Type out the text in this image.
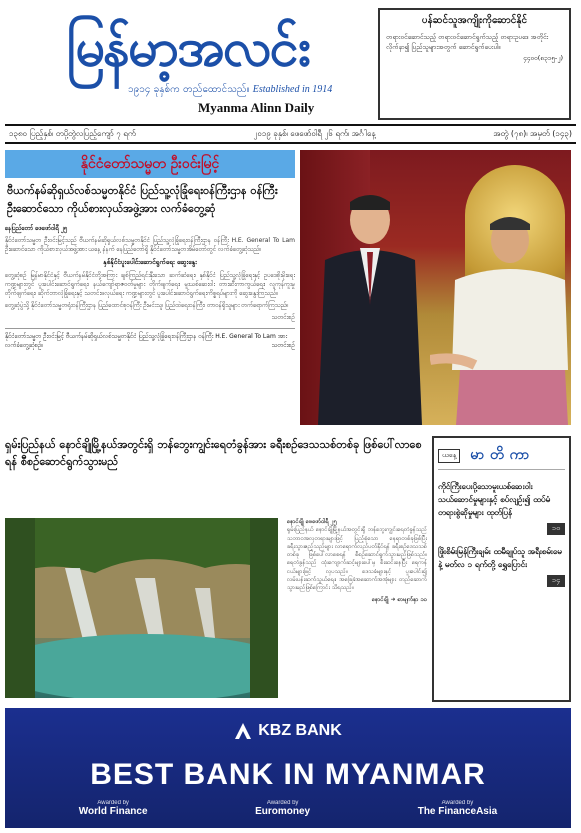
မြန်မာ့အလင်း
၁၉၁၄ ခုနှစ်က တည်ထောင်သည်။ Established in 1914
Myanma Alinn Daily
ပန်ဆင်သူအကျိုးကိုဆောင်နိုင်
တရားဝင်ဆောင်သည့် တရားဝင်ဆောင်ရွက်သည့် တရားဥပဒေ အတိုင်းလိုက်နာ၍ ပြည်သူများအတွက် ဆောင်ရွက်ပေးပါ။
၄၄ဝ၀(၈၃၁၅-၂)
၁၃၈၀ ပြည့်နှစ်၊ တပို့တွဲလပြည့်ကျော် ၇ ရက်	၂၀၁၉ ခုနှစ်၊ ဖေဖော်ဝါရီ ၂၆ ရက်၊ အင်္ဂါနေ့	အတွဲ (၇၈)၊ အမှတ် (၁၄၃)
နိုင်ငံတော်သမ္မတ ဦးဝင်းမြင့်
ဗီယက်နမ်ဆိုရှယ်လစ်သမ္မတနိုင်ငံ ပြည်သူ့လုံခြုံရေးဝန်ကြီးဌာန ဝန်ကြီး ဦးဆောင်သော ကိုယ်စားလှယ်အဖွဲ့အား လက်ခံတွေ့ဆုံ
နေပြည်တော် ဖေဖော်ဝါရီ ၂၅
နိုင်ငံတော်သမ္မတ ဦးဝင်းမြင့်သည် ဗီယက်နမ်ဆိုရှယ်လစ်သမ္မတနိုင်ငံ ပြည်သူ့လုံခြုံရေးဝန်ကြီးဌာန ဝန်ကြီး H.E. General To Lam ဦးဆောင်သော ကိုယ်စားလှယ်အဖွဲ့အား ယနေ့ နံနက် နေပြည်တော်ရှိ နိုင်ငံတော်သမ္မတအိမ်တော်တွင် လက်ခံတွေ့ဆုံသည်။
နှစ်နိုင်ငံပူးပေါင်းဆောင်ရွက်ရေး ဆွေးနွေး
တွေ့ဆုံစဉ် မြန်မာနိုင်ငံနှင့် ဗီယက်နမ်နိုင်ငံတို့အကြား ချစ်ကြည်ရင်းနှီးသော ဆက်ဆံရေး၊ နှစ်နိုင်ငံ ပြည်သူ့လုံခြုံရေးနှင့် ဥပဒေစိုးမိုးရေး ကဏ္ဍများတွင် ပူးပေါင်းဆောင်ရွက်ရေး၊ နယ်ကျော်ရာဇဝတ်မှုများ တိုက်ဖျက်ရေး၊ မူးယစ်ဆေးဝါး တားဆီးကာကွယ်ရေး၊ လူကုန်ကူးမှု တိုက်ဖျက်ရေး၊ ဆိုက်ဘာလုံခြုံရေးနှင့် သတင်းဖလှယ်ရေး ကဏ္ဍများတွင် ပူးပေါင်းဆောင်ရွက်ရေးကိစ္စရပ်များကို ဆွေးနွေးကြသည်။
တွေ့ဆုံပွဲသို့ နိုင်ငံတော်သမ္မတရုံးဝန်ကြီးဌာန ပြည်ထောင်စုဝန်ကြီး ဦးမင်းသူ၊ ပြည်ထဲရေးဝန်ကြီး၊ တာဝန်ရှိသူများ တက်ရောက်ကြသည်။
သတင်းစဉ်
နိုင်ငံတော်သမ္မတ ဦးဝင်းမြင့် ဗီယက်နမ်ဆိုရှယ်လစ်သမ္မတနိုင်ငံ ပြည်သူ့လုံခြုံရေးဝန်ကြီးဌာန ဝန်ကြီး H.E. General To Lam အား လက်ခံတွေ့ဆုံစဉ်။	သတင်းစဉ်
ရှမ်းပြည်နယ် နောင်ချိုမြို့နယ်အတွင်းရှိ ဘန်ဘွေးကျွင်းရေတံခွန်အား ခရီးစဉ်ဒေသသစ်တစ်ခု ဖြစ်ပေါ်လာစေရန် စီစဉ်ဆောင်ရွက်သွားမည်
နောင်ချို ဖေဖော်ဝါရီ ၂၅
ရှမ်းပြည်နယ် နောင်ချိုမြို့နယ်အတွင်းရှိ ဘန်ဘွေးကျွင်းရေတံခွန်သည် သဘာဝအလှတရားများဖြင့် ပြည့်စုံသော နေရာတစ်ခုဖြစ်ပြီး ခရီးသွားဧည့်သည်များ လာရောက်လည်ပတ်နိုင်ရန် ခရီးစဉ်ဒေသသစ်တစ်ခု ဖြစ်ပေါ်လာစေရန် စီစဉ်ဆောင်ရွက်သွားမည်ဖြစ်သည်။ ရေတံခွန်သည် ထုံးကျောက်ဆင့်များပေါ်မှ စီးဆင်းနေပြီး ရေကန်ငယ်များဖြင့် လှပသည်။ ဒေသခံများနှင့် ပူးပေါင်း၍ လမ်းပန်းဆက်သွယ်ရေး၊ အခြေခံအဆောက်အအုံများ တည်ဆောက်သွားမည်ဖြစ်ကြောင်း သိရသည်။
နောင်ချို ➜ စာမျက်နှာ ၁၀
ယနေ့ မာတိကာ
ကိုင်ကြီးပေးပို့သောမူးယစ်ဆေးဝါးသယ်ဆောင်မှုများနှင့် စပ်လျဉ်း၍ ထပ်မံတရားစွဲဆိုမှုများ ထုတ်ပြန်
၁၀
ဖြိုးစိမ်းမြန်ကြီးချမ်း ထမီချုပ်သူ အရီးစမ်းမေနဲ့ မတ်လ ၁ ရက်တို့ ရွှေပြောင်း
၁၄
KBZ BANK
BEST BANK IN MYANMAR
Awarded by
World Finance
Awarded by
Euromoney
Awarded by
The FinanceAsia
